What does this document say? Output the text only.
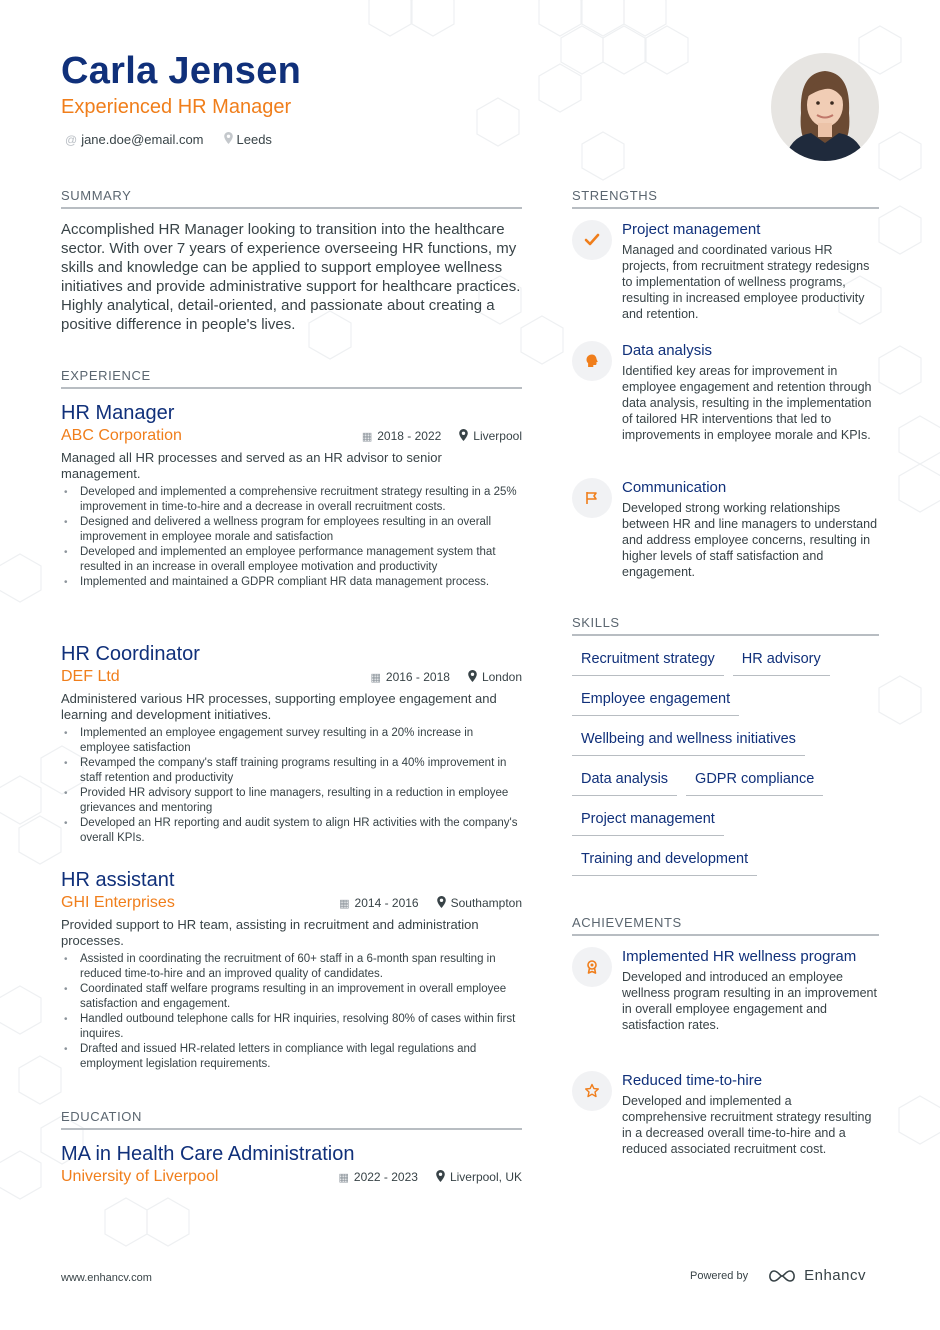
Carla Jensen
Experienced HR Manager
@ jane.doe@email.com	Leeds
SUMMARY
Accomplished HR Manager looking to transition into the healthcare sector. With over 7 years of experience overseeing HR functions, my skills and knowledge can be applied to support employee wellness initiatives and provide administrative support for healthcare practices. Highly analytical, detail-oriented, and passionate about creating a positive difference in people's lives.
EXPERIENCE
HR Manager
ABC Corporation	▦ 2018 - 2022	Liverpool
Managed all HR processes and served as an HR advisor to senior management.
• Developed and implemented a comprehensive recruitment strategy resulting in a 25% improvement in time-to-hire and a decrease in overall recruitment costs.
• Designed and delivered a wellness program for employees resulting in an overall improvement in employee morale and satisfaction
• Developed and implemented an employee performance management system that resulted in an increase in overall employee motivation and productivity
• Implemented and maintained a GDPR compliant HR data management process.
HR Coordinator
DEF Ltd	▦ 2016 - 2018	London
Administered various HR processes, supporting employee engagement and learning and development initiatives.
• Implemented an employee engagement survey resulting in a 20% increase in employee satisfaction
• Revamped the company's staff training programs resulting in a 40% improvement in staff retention and productivity
• Provided HR advisory support to line managers, resulting in a reduction in employee grievances and mentoring
• Developed an HR reporting and audit system to align HR activities with the company's overall KPIs.
HR assistant
GHI Enterprises	▦ 2014 - 2016	Southampton
Provided support to HR team, assisting in recruitment and administration processes.
• Assisted in coordinating the recruitment of 60+ staff in a 6-month span resulting in reduced time-to-hire and an improved quality of candidates.
• Coordinated staff welfare programs resulting in an improvement in overall employee satisfaction and engagement.
• Handled outbound telephone calls for HR inquiries, resolving 80% of cases within first inquires.
• Drafted and issued HR-related letters in compliance with legal regulations and employment legislation requirements.
EDUCATION
MA in Health Care Administration
University of Liverpool	▦ 2022 - 2023	Liverpool, UK
STRENGTHS
Project management
Managed and coordinated various HR projects, from recruitment strategy redesigns to implementation of wellness programs, resulting in increased employee productivity and retention.
Data analysis
Identified key areas for improvement in employee engagement and retention through data analysis, resulting in the implementation of tailored HR interventions that led to improvements in employee morale and KPIs.
Communication
Developed strong working relationships between HR and line managers to understand and address employee concerns, resulting in higher levels of staff satisfaction and engagement.
SKILLS
Recruitment strategy	HR advisory
Employee engagement
Wellbeing and wellness initiatives
Data analysis	GDPR compliance
Project management
Training and development
ACHIEVEMENTS
Implemented HR wellness program
Developed and introduced an employee wellness program resulting in an improvement in overall employee engagement and satisfaction rates.
Reduced time-to-hire
Developed and implemented a comprehensive recruitment strategy resulting in a decreased overall time-to-hire and a reduced associated recruitment cost.
www.enhancv.com	Powered by	Enhancv
